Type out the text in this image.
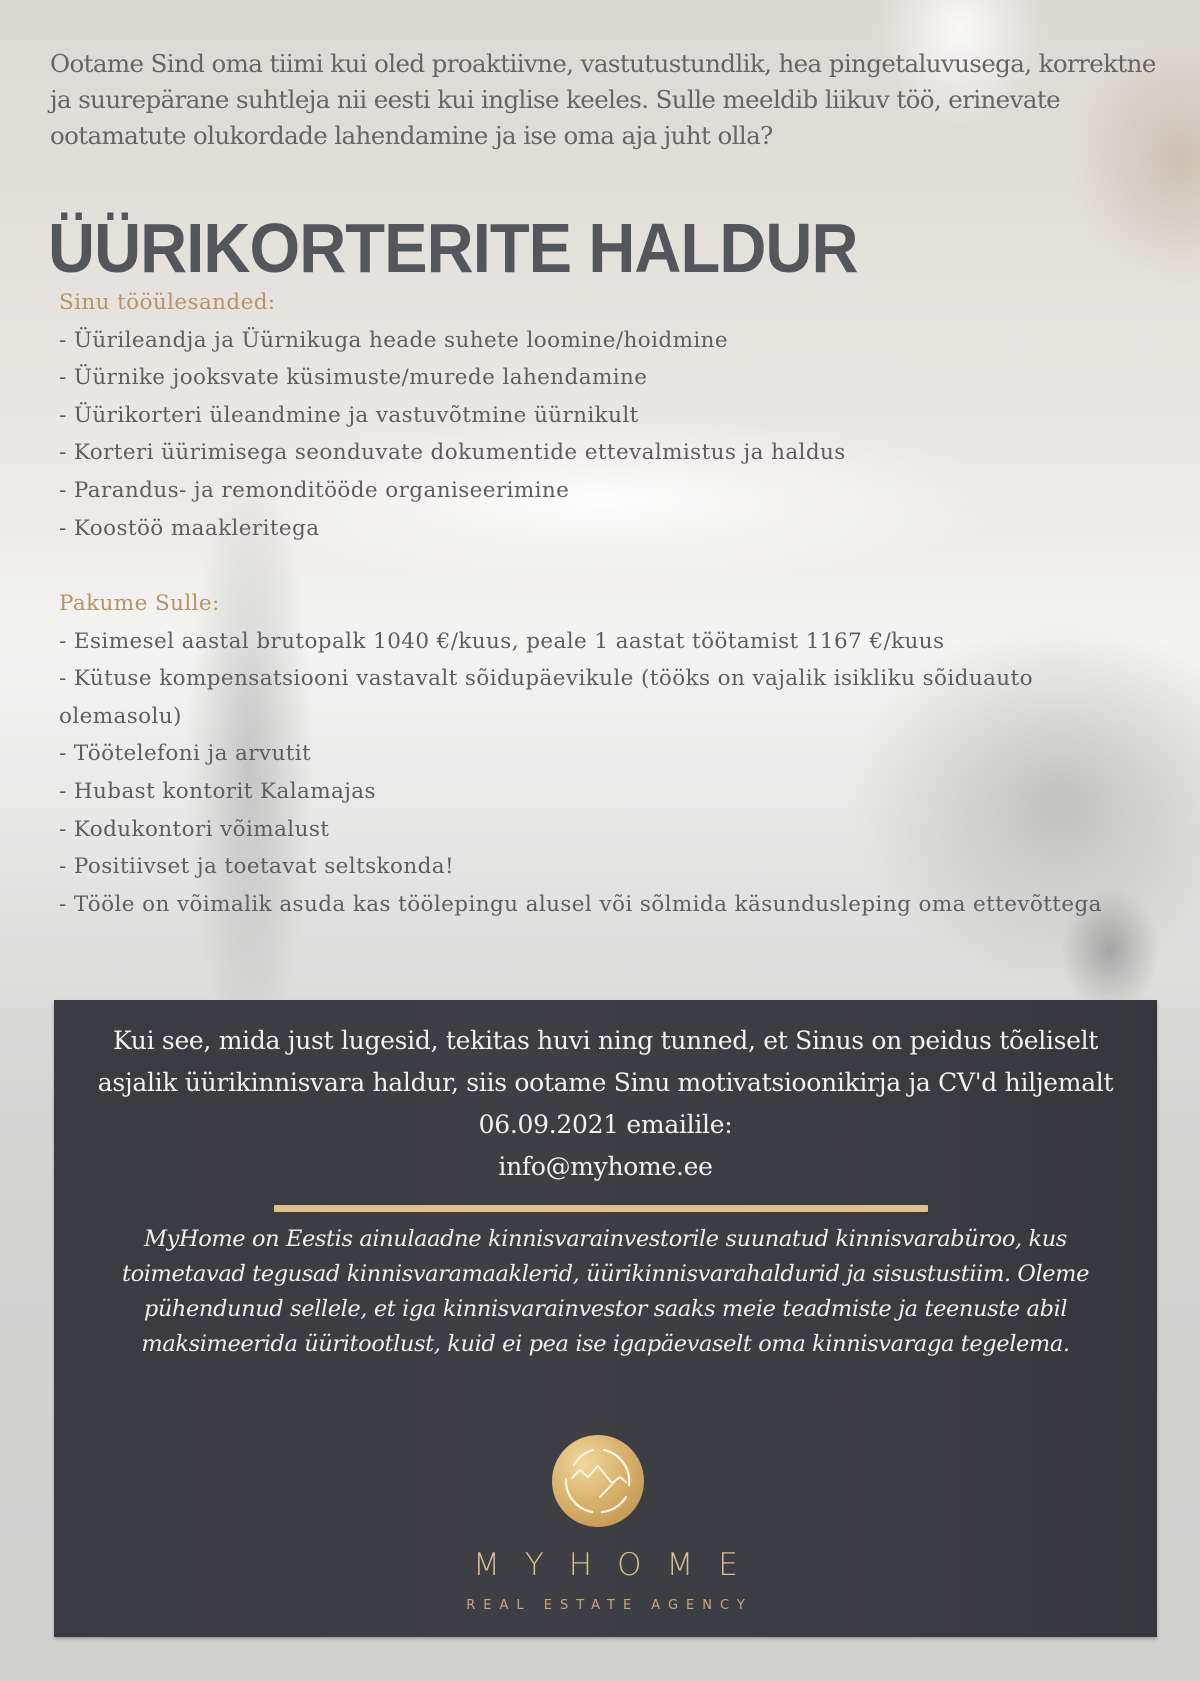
Ootame Sind oma tiimi kui oled proaktiivne, vastutustundlik, hea pingetaluvusega, korrektne ja suurepärane suhtleja nii eesti kui inglise keeles. Sulle meeldib liikuv töö, erinevate ootamatute olukordade lahendamine ja ise oma aja juht olla?
ÜÜRIKORTERITE HALDUR
Sinu tööülesanded:
- Üürileandja ja Üürnikuga heade suhete loomine/hoidmine
- Üürnike jooksvate küsimuste/murede lahendamine
- Üürikorteri üleandmine ja vastuvõtmine üürnikult
- Korteri üürimisega seonduvate dokumentide ettevalmistus ja haldus
- Parandus- ja remonditööde organiseerimine
- Koostöö maakleritega
Pakume Sulle:
- Esimesel aastal brutopalk 1040 €/kuus, peale 1 aastat töötamist 1167 €/kuus
- Kütuse kompensatsiooni vastavalt sõidupäevikule (tööks on vajalik isikliku sõiduauto olemasolu)
- Töötelefoni ja arvutit
- Hubast kontorit Kalamajas
- Kodukontori võimalust
- Positiivset ja toetavat seltskonda!
- Tööle on võimalik asuda kas töölepingu alusel või sõlmida käsundusleping oma ettevõttega
Kui see, mida just lugesid, tekitas huvi ning tunned, et Sinus on peidus tõeliselt asjalik üürikinnisvara haldur, siis ootame Sinu motivatsioonikirja ja CV'd hiljemalt 06.09.2021 emailile:
info@myhome.ee
MyHome on Eestis ainulaadne kinnisvarainvestorile suunatud kinnisvarabüroo, kus toimetavad tegusad kinnisvaramaaklerid, üürikinnisvarahaldurid ja sisustustiim. Oleme pühendunud sellele, et iga kinnisvarainvestor saaks meie teadmiste ja teenuste abil maksimeerida üüritootlust, kuid ei pea ise igapäevaselt oma kinnisvaraga tegelema.
MYHOME
REAL ESTATE AGENCY
